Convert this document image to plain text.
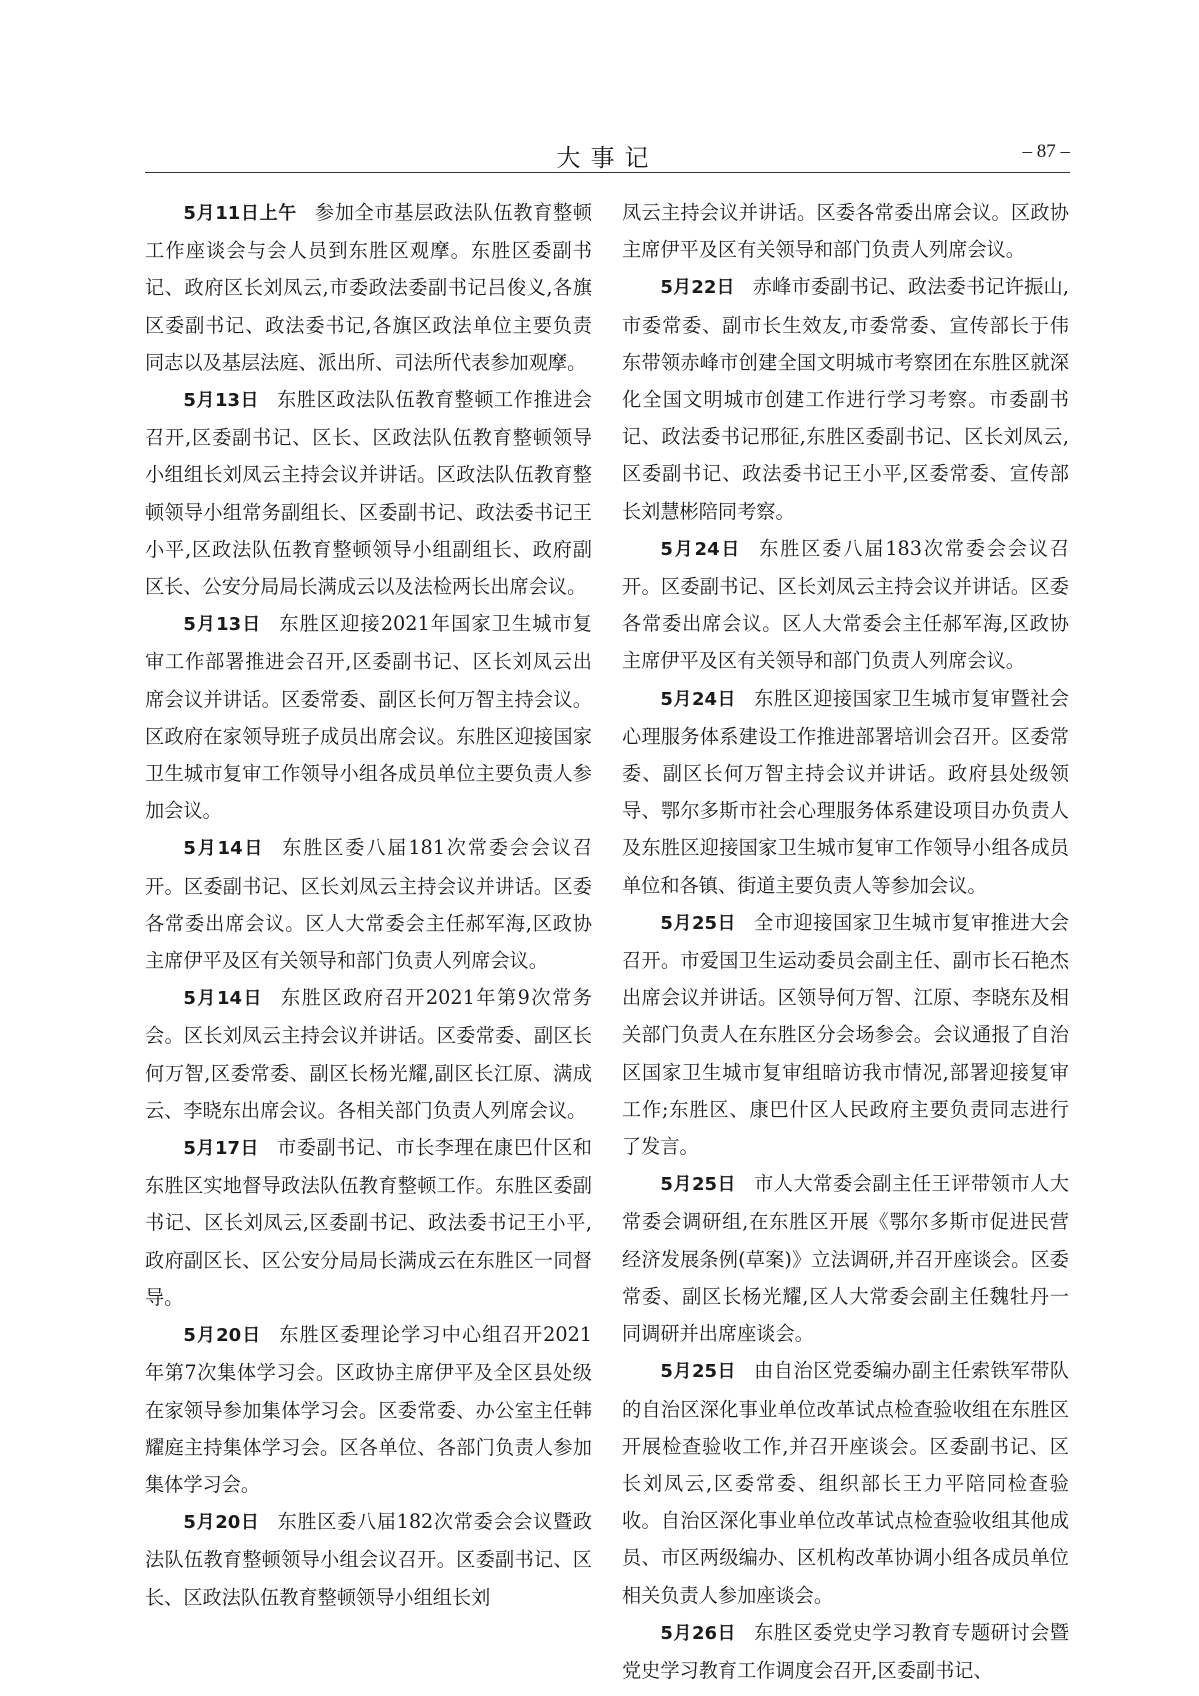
大事记	– 87 –

5月11日上午 参加全市基层政法队伍教育整顿工作座谈会与会人员到东胜区观摩。东胜区委副书记、政府区长刘凤云,市委政法委副书记吕俊义,各旗区委副书记、政法委书记,各旗区政法单位主要负责同志以及基层法庭、派出所、司法所代表参加观摩。

5月13日 东胜区政法队伍教育整顿工作推进会召开,区委副书记、区长、区政法队伍教育整顿领导小组组长刘凤云主持会议并讲话。区政法队伍教育整顿领导小组常务副组长、区委副书记、政法委书记王小平,区政法队伍教育整顿领导小组副组长、政府副区长、公安分局局长满成云以及法检两长出席会议。

5月13日 东胜区迎接2021年国家卫生城市复审工作部署推进会召开,区委副书记、区长刘凤云出席会议并讲话。区委常委、副区长何万智主持会议。区政府在家领导班子成员出席会议。东胜区迎接国家卫生城市复审工作领导小组各成员单位主要负责人参加会议。

5月14日 东胜区委八届181次常委会会议召开。区委副书记、区长刘凤云主持会议并讲话。区委各常委出席会议。区人大常委会主任郝军海,区政协主席伊平及区有关领导和部门负责人列席会议。

5月14日 东胜区政府召开2021年第9次常务会。区长刘凤云主持会议并讲话。区委常委、副区长何万智,区委常委、副区长杨光耀,副区长江原、满成云、李晓东出席会议。各相关部门负责人列席会议。

5月17日 市委副书记、市长李理在康巴什区和东胜区实地督导政法队伍教育整顿工作。东胜区委副书记、区长刘凤云,区委副书记、政法委书记王小平,政府副区长、区公安分局局长满成云在东胜区一同督导。

5月20日 东胜区委理论学习中心组召开2021年第7次集体学习会。区政协主席伊平及全区县处级在家领导参加集体学习会。区委常委、办公室主任韩耀庭主持集体学习会。区各单位、各部门负责人参加集体学习会。

5月20日 东胜区委八届182次常委会会议暨政法队伍教育整顿领导小组会议召开。区委副书记、区长、区政法队伍教育整顿领导小组组长刘

凤云主持会议并讲话。区委各常委出席会议。区政协主席伊平及区有关领导和部门负责人列席会议。

5月22日 赤峰市委副书记、政法委书记许振山,市委常委、副市长生效友,市委常委、宣传部长于伟东带领赤峰市创建全国文明城市考察团在东胜区就深化全国文明城市创建工作进行学习考察。市委副书记、政法委书记邢征,东胜区委副书记、区长刘凤云,区委副书记、政法委书记王小平,区委常委、宣传部长刘慧彬陪同考察。

5月24日 东胜区委八届183次常委会会议召开。区委副书记、区长刘凤云主持会议并讲话。区委各常委出席会议。区人大常委会主任郝军海,区政协主席伊平及区有关领导和部门负责人列席会议。

5月24日 东胜区迎接国家卫生城市复审暨社会心理服务体系建设工作推进部署培训会召开。区委常委、副区长何万智主持会议并讲话。政府县处级领导、鄂尔多斯市社会心理服务体系建设项目办负责人及东胜区迎接国家卫生城市复审工作领导小组各成员单位和各镇、街道主要负责人等参加会议。

5月25日 全市迎接国家卫生城市复审推进大会召开。市爱国卫生运动委员会副主任、副市长石艳杰出席会议并讲话。区领导何万智、江原、李晓东及相关部门负责人在东胜区分会场参会。会议通报了自治区国家卫生城市复审组暗访我市情况,部署迎接复审工作;东胜区、康巴什区人民政府主要负责同志进行了发言。

5月25日 市人大常委会副主任王评带领市人大常委会调研组,在东胜区开展《鄂尔多斯市促进民营经济发展条例(草案)》立法调研,并召开座谈会。区委常委、副区长杨光耀,区人大常委会副主任魏牡丹一同调研并出席座谈会。

5月25日 由自治区党委编办副主任索铁军带队的自治区深化事业单位改革试点检查验收组在东胜区开展检查验收工作,并召开座谈会。区委副书记、区长刘凤云,区委常委、组织部长王力平陪同检查验收。自治区深化事业单位改革试点检查验收组其他成员、市区两级编办、区机构改革协调小组各成员单位相关负责人参加座谈会。

5月26日 东胜区委党史学习教育专题研讨会暨党史学习教育工作调度会召开,区委副书记、
